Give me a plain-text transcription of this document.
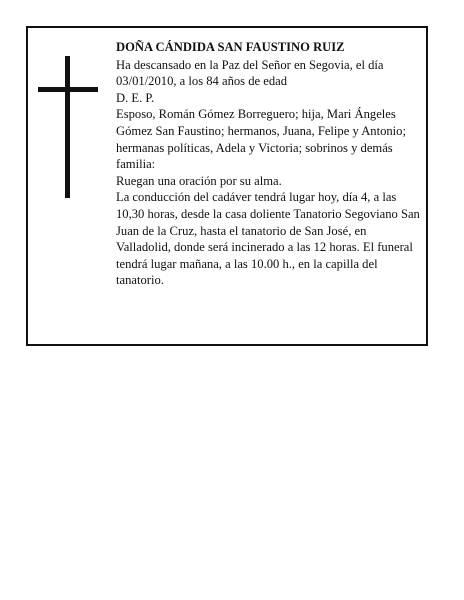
DOÑA CÁNDIDA SAN FAUSTINO RUIZ

Ha descansado en la Paz del Señor en Segovia, el día 03/01/2010, a los 84 años de edad

D. E. P.

Esposo, Román Gómez Borreguero; hija, Mari Ángeles Gómez San Faustino; hermanos, Juana, Felipe y Antonio; hermanas políticas, Adela y Victoria; sobrinos y demás familia:

Ruegan una oración por su alma.

La conducción del cadáver tendrá lugar hoy, día 4, a las 10,30 horas, desde la casa doliente Tanatorio Segoviano San Juan de la Cruz, hasta el tanatorio de San José, en Valladolid, donde será incinerado a las 12 horas. El funeral tendrá lugar mañana, a las 10.00 h., en la capilla del tanatorio.
